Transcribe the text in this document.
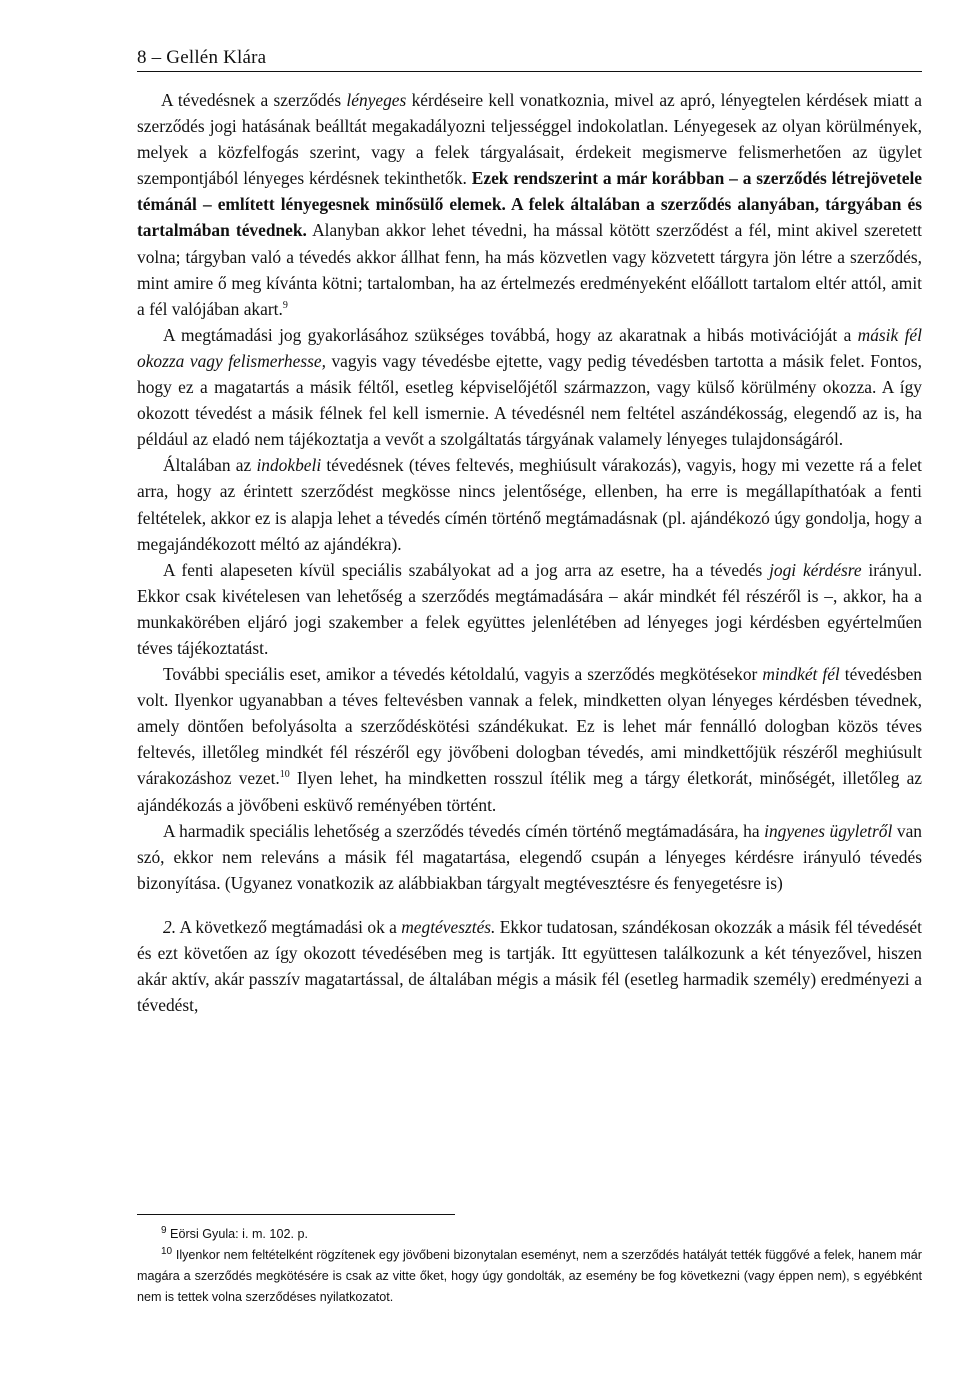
8 – Gellén Klára

A tévedésnek a szerződés lényeges kérdéseire kell vonatkoznia, mivel az apró, lényegtelen kérdések miatt a szerződés jogi hatásának beálltát megakadályozni teljességgel indokolatlan. Lényegesek az olyan körülmények, melyek a közfelfogás szerint, vagy a felek tárgyalásait, érdekeit megismerve felismerhetően az ügylet szempontjából lényeges kérdésnek tekinthetők. Ezek rendszerint a már korábban – a szerződés létrejövetele témánál – említett lényegesnek minősülő elemek. A felek általában a szerződés alanyában, tárgyában és tartalmában tévednek. Alanyban akkor lehet tévedni, ha mással kötött szerződést a fél, mint akivel szeretett volna; tárgyban való a tévedés akkor állhat fenn, ha más közvetlen vagy közvetett tárgyra jön létre a szerződés, mint amire ő meg kívánta kötni; tartalomban, ha az értelmezés eredményeként előállott tartalom eltér attól, amit a fél valójában akart.$^9$

A megtámadási jog gyakorlásához szükséges továbbá, hogy az akaratnak a hibás motivációját a másik fél okozza vagy felismerhesse, vagyis vagy tévedésbe ejtette, vagy pedig tévedésben tartotta a másik felet. Fontos, hogy ez a magatartás a másik féltől, esetleg képviselőjétől származzon, vagy külső körülmény okozza. A így okozott tévedést a másik félnek fel kell ismernie. A tévedésnél nem feltétel aszándékosság, elegendő az is, ha például az eladó nem tájékoztatja a vevőt a szolgáltatás tárgyának valamely lényeges tulajdonságáról.

Általában az indokbeli tévedésnek (téves feltevés, meghiúsult várakozás), vagyis, hogy mi vezette rá a felet arra, hogy az érintett szerződést megkösse nincs jelentősége, ellenben, ha erre is megállapíthatóak a fenti feltételek, akkor ez is alapja lehet a tévedés címén történő megtámadásnak (pl. ajándékozó úgy gondolja, hogy a megajándékozott méltó az ajándékra).

A fenti alapeseten kívül speciális szabályokat ad a jog arra az esetre, ha a tévedés jogi kérdésre irányul. Ekkor csak kivételesen van lehetőség a szerződés megtámadására – akár mindkét fél részéről is –, akkor, ha a munkakörében eljáró jogi szakember a felek együttes jelenlétében ad lényeges jogi kérdésben egyértelműen téves tájékoztatást.

További speciális eset, amikor a tévedés kétoldalú, vagyis a szerződés megkötésekor mindkét fél tévedésben volt. Ilyenkor ugyanabban a téves feltevésben vannak a felek, mindketten olyan lényeges kérdésben tévednek, amely döntően befolyásolta a szerződéskötési szándékukat. Ez is lehet már fennálló dologban közös téves feltevés, illetőleg mindkét fél részéről egy jövőbeni dologban tévedés, ami mindkettőjük részéről meghiúsult várakozáshoz vezet.$^{10}$ Ilyen lehet, ha mindketten rosszul ítélik meg a tárgy életkorát, minőségét, illetőleg az ajándékozás a jövőbeni esküvő reményében történt.

A harmadik speciális lehetőség a szerződés tévedés címén történő megtámadására, ha ingyenes ügyletről van szó, ekkor nem releváns a másik fél magatartása, elegendő csupán a lényeges kérdésre irányuló tévedés bizonyítása. (Ugyanez vonatkozik az alábbiakban tárgyalt megtévesztésre és fenyegetésre is)

2. A következő megtámadási ok a megtévesztés. Ekkor tudatosan, szándékosan okozzák a másik fél tévedését és ezt követően az így okozott tévedésében meg is tartják. Itt együttesen találkozunk a két tényezővel, hiszen akár aktív, akár passzív magatartással, de általában mégis a másik fél (esetleg harmadik személy) eredményezi a tévedést,

$^9$ Eörsi Gyula: i. m. 102. p.

$^{10}$ Ilyenkor nem feltételként rögzítenek egy jövőbeni bizonytalan eseményt, nem a szerződés hatályát tették függővé a felek, hanem már magára a szerződés megkötésére is csak az vitte őket, hogy úgy gondolták, az esemény be fog következni (vagy éppen nem), s egyébként nem is tettek volna szerződéses nyilatkozatot.
